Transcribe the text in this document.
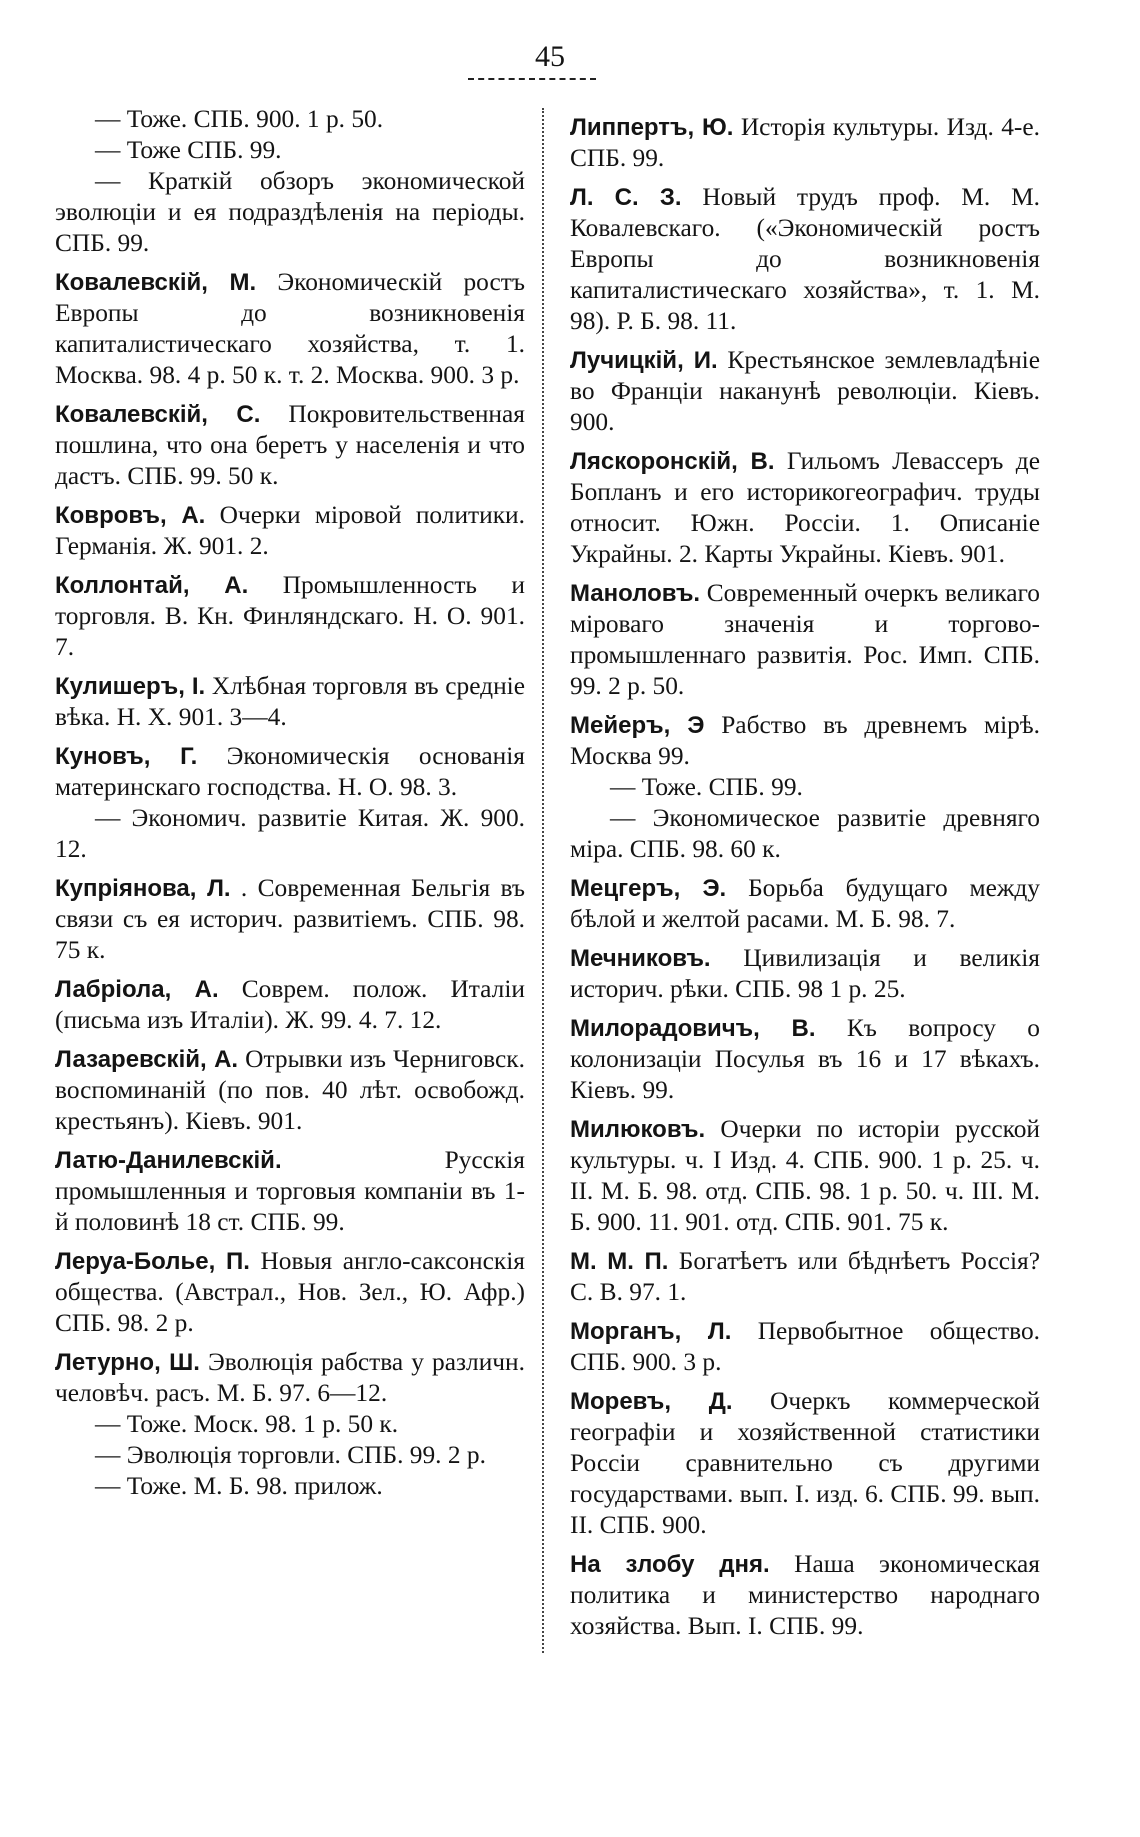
45
— Тоже. СПБ. 900. 1 р. 50.
— Тоже СПБ. 99.
— Краткій обзоръ экономической эволюціи и ея подраздѣленія на періоды. СПБ. 99.
Ковалевскій, М. Экономическій ростъ Европы до возникновенія капиталистическаго хозяйства, т. 1. Москва. 98. 4 р. 50 к. т. 2. Москва. 900. 3 р.
Ковалевскій, С. Покровительственная пошлина, что она беретъ у населенія и что дастъ. СПБ. 99. 50 к.
Ковровъ, А. Очерки міровой политики. Германія. Ж. 901. 2.
Коллонтай, А. Промышленность и торговля. В. Кн. Финляндскаго. Н. О. 901. 7.
Кулишеръ, І. Хлѣбная торговля въ средніе вѣка. Н. Х. 901. 3—4.
Куновъ, Г. Экономическія основанія материнскаго господства. Н. О. 98. 3.
— Экономич. развитіе Китая. Ж. 900. 12.
Купріянова, Л. . Современная Бельгія въ связи съ ея историч. развитіемъ. СПБ. 98. 75 к.
Лабріола, А. Соврем. полож. Италіи (письма изъ Италіи). Ж. 99. 4. 7. 12.
Лазаревскій, А. Отрывки изъ Черниговск. воспоминаній (по пов. 40 лѣт. освобожд. крестьянъ). Кіевъ. 901.
Латю-Данилевскій.	Русскія промышленныя и торговыя компаніи въ 1-й половинѣ 18 ст. СПБ. 99.
Леруа-Болье, П. Новыя англо-саксонскія общества. (Австрал., Нов. Зел., Ю. Афр.) СПБ. 98. 2 р.
Летурно, Ш. Эволюція рабства у различн. человѣч. расъ. М. Б. 97. 6—12.
— Тоже. Моск. 98. 1 р. 50 к.
— Эволюція торговли. СПБ. 99. 2 р.
— Тоже. М. Б. 98. прилож.
Липпертъ, Ю. Исторія культуры. Изд. 4-е. СПБ. 99.
Л. С. З. Новый трудъ проф. М. М. Ковалевскаго. («Экономическій ростъ Европы до возникновенія капиталистическаго хозяйства», т. 1. М. 98). Р. Б. 98. 11.
Лучицкій, И. Крестьянское землевладѣніе во Франціи наканунѣ революціи. Кіевъ. 900.
Ляскоронскій, В. Гильомъ Левассеръ де Бопланъ и его историкогеографич. труды относит. Южн. Россіи. 1. Описаніе Украйны. 2. Карты Украйны. Кіевъ. 901.
Маноловъ. Современный очеркъ великаго міроваго значенія и торгово-промышленнаго развитія. Рос. Имп. СПБ. 99. 2 р. 50.
Мейеръ, Э Рабство въ древнемъ мірѣ. Москва 99.
— Тоже. СПБ. 99.
— Экономическое развитіе древняго міра. СПБ. 98. 60 к.
Мецгеръ, Э. Борьба будущаго между бѣлой и желтой расами. М. Б. 98. 7.
Мечниковъ. Цивилизація и великія историч. рѣки. СПБ. 98 1 р. 25.
Милорадовичъ, В. Къ вопросу о колонизаціи Посулья въ 16 и 17 вѣкахъ. Кіевъ. 99.
Милюковъ. Очерки по исторіи русской культуры. ч. І Изд. 4. СПБ. 900. 1 р. 25. ч. II. М. Б. 98. отд. СПБ. 98. 1 р. 50. ч. III. М. Б. 900. 11. 901. отд. СПБ. 901. 75 к.
М. М. П. Богатѣетъ или бѣднѣетъ Россія? С. В. 97. 1.
Морганъ, Л. Первобытное общество. СПБ. 900. 3 р.
Моревъ, Д. Очеркъ коммерческой географіи и хозяйственной статистики Россіи сравнительно съ другими государствами. вып. І. изд. 6. СПБ. 99. вып. II. СПБ. 900.
На злобу дня. Наша экономическая политика и министерство народнаго хозяйства. Вып. І. СПБ. 99.
